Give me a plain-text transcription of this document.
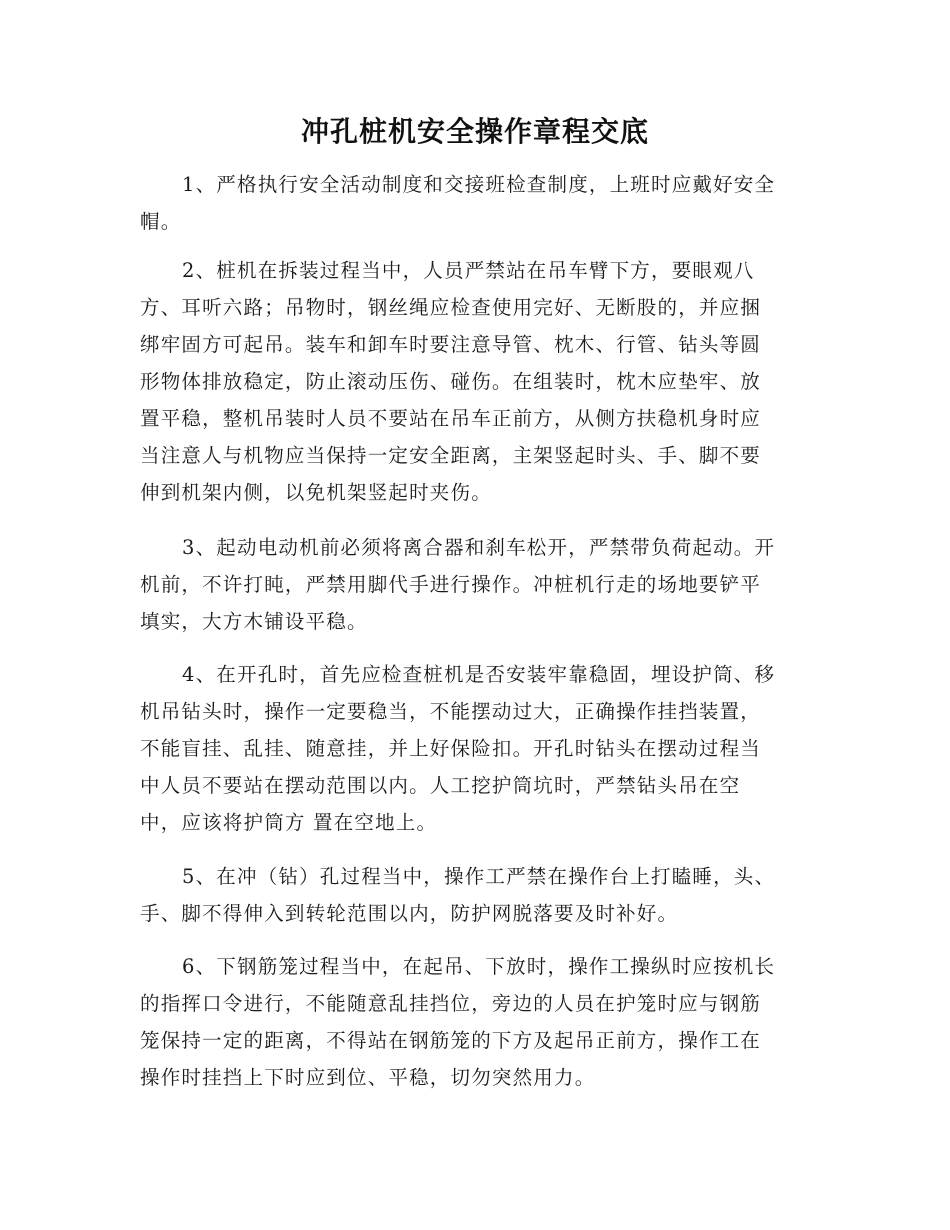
冲孔桩机安全操作章程交底
1、严格执行安全活动制度和交接班检查制度，上班时应戴好安全
帽。
2、桩机在拆装过程当中，人员严禁站在吊车臂下方，要眼观八
方、耳听六路；吊物时，钢丝绳应检查使用完好、无断股的，并应捆
绑牢固方可起吊。装车和卸车时要注意导管、枕木、行管、钻头等圆
形物体排放稳定，防止滚动压伤、碰伤。在组装时，枕木应垫牢、放
置平稳，整机吊装时人员不要站在吊车正前方，从侧方扶稳机身时应
当注意人与机物应当保持一定安全距离，主架竖起时头、手、脚不要
伸到机架内侧，以免机架竖起时夹伤。
3、起动电动机前必须将离合器和刹车松开，严禁带负荷起动。开
机前，不许打盹，严禁用脚代手进行操作。冲桩机行走的场地要铲平
填实，大方木铺设平稳。
4、在开孔时，首先应检查桩机是否安装牢靠稳固，埋设护筒、移
机吊钻头时，操作一定要稳当，不能摆动过大，正确操作挂挡装置，
不能盲挂、乱挂、随意挂，并上好保险扣。开孔时钻头在摆动过程当
中人员不要站在摆动范围以内。人工挖护筒坑时，严禁钻头吊在空
中，应该将护筒方 置在空地上。
5、在冲（钻）孔过程当中，操作工严禁在操作台上打瞌睡，头、
手、脚不得伸入到转轮范围以内，防护网脱落要及时补好。
6、下钢筋笼过程当中，在起吊、下放时，操作工操纵时应按机长
的指挥口令进行，不能随意乱挂挡位，旁边的人员在护笼时应与钢筋
笼保持一定的距离，不得站在钢筋笼的下方及起吊正前方，操作工在
操作时挂挡上下时应到位、平稳，切勿突然用力。
